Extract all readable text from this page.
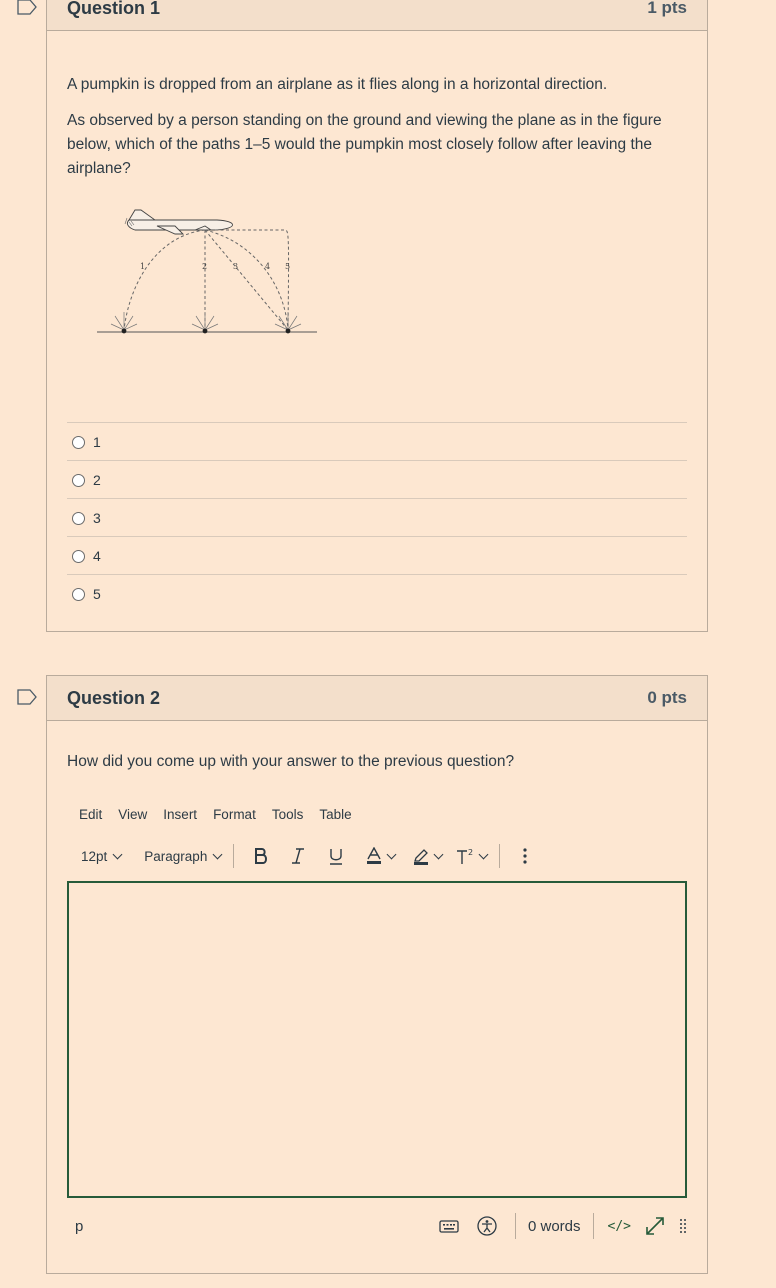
Question 1	1 pts
A pumpkin is dropped from an airplane as it flies along in a horizontal direction.
As observed by a person standing on the ground and viewing the plane as in the figure below, which of the paths 1–5 would the pumpkin most closely follow after leaving the airplane?
1	2	3	4 5
1
2
3
4
5
Question 2	0 pts
How did you come up with your answer to the previous question?
Edit View Insert Format Tools Table
12pt	Paragraph	2
p	0 words </>
